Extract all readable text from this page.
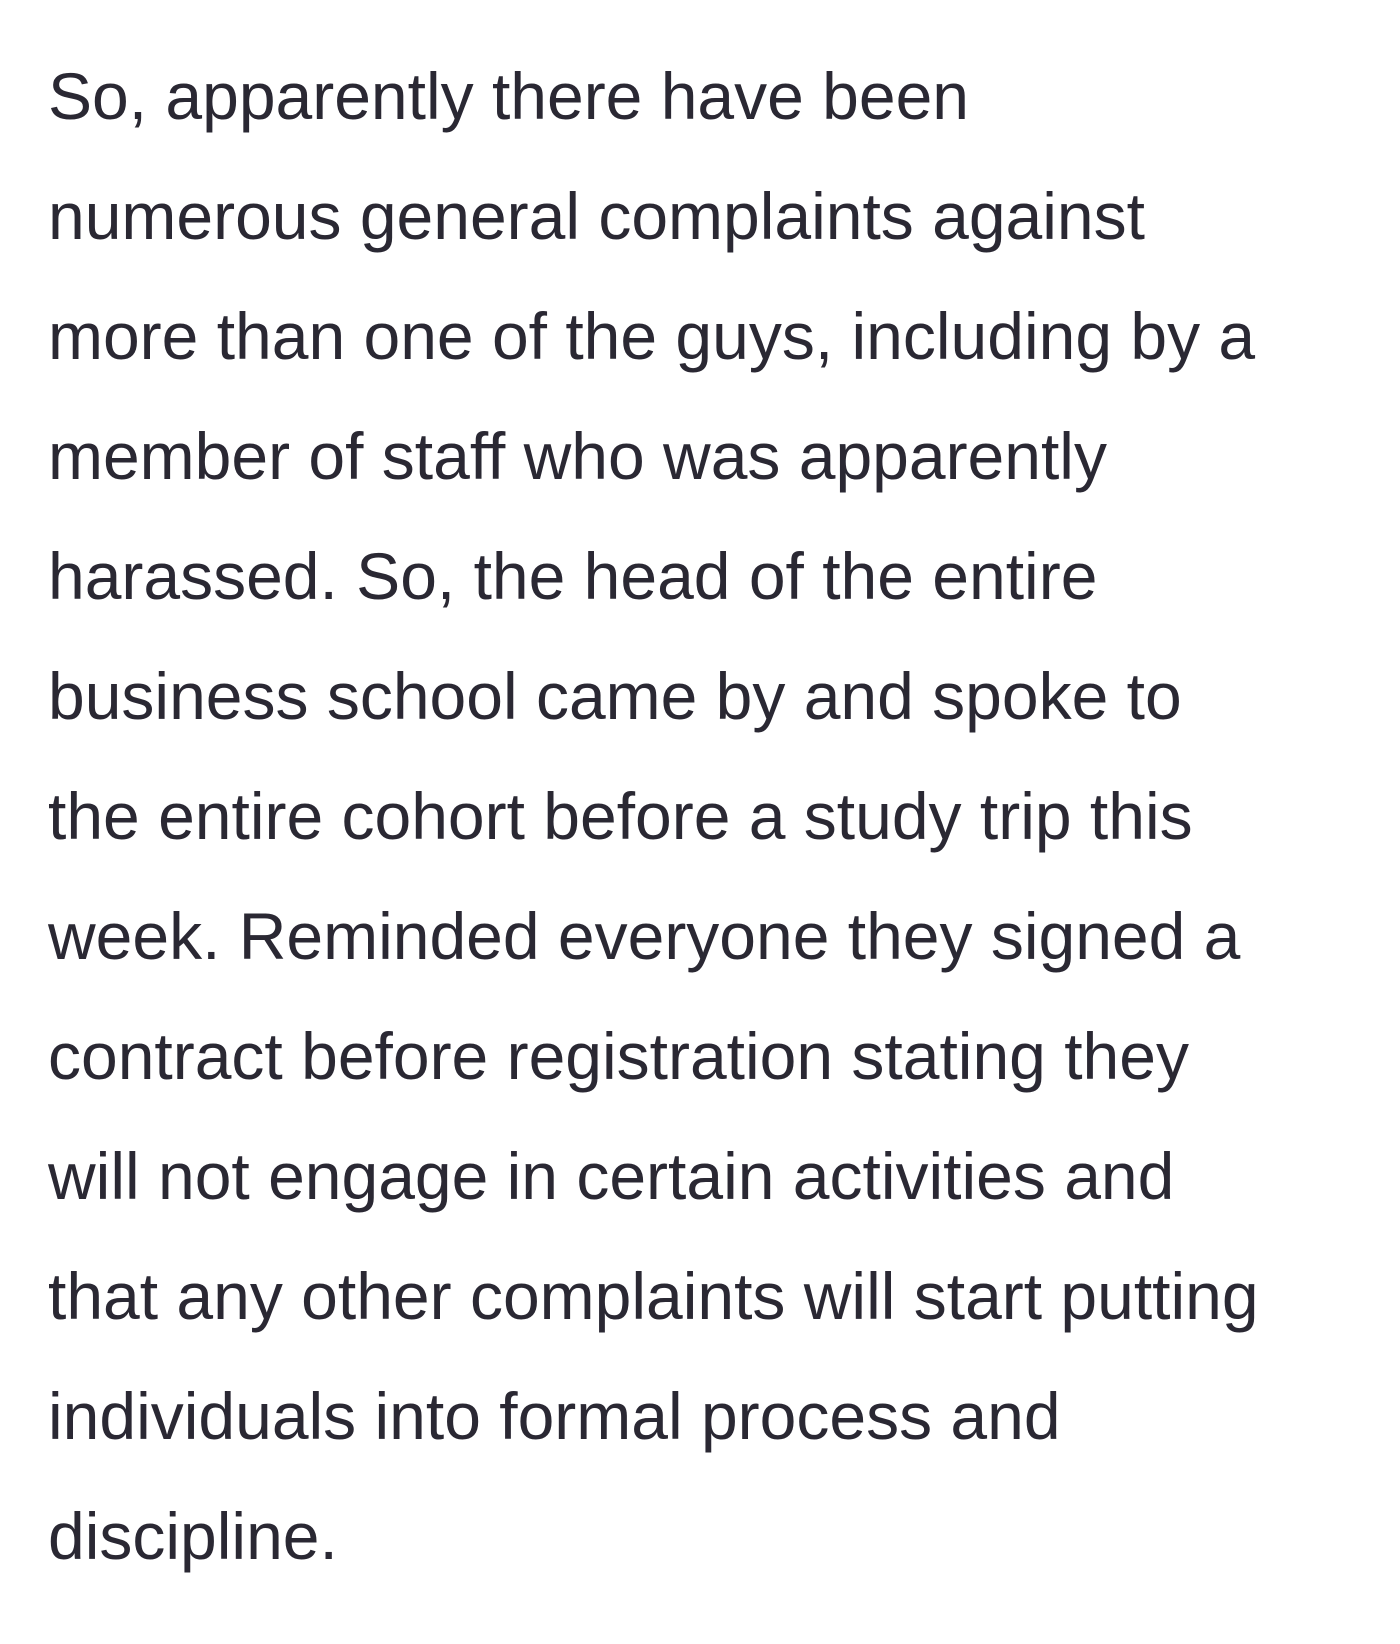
So, apparently there have been
numerous general complaints against
more than one of the guys, including by a
member of staff who was apparently
harassed. So, the head of the entire
business school came by and spoke to
the entire cohort before a study trip this
week. Reminded everyone they signed a
contract before registration stating they
will not engage in certain activities and
that any other complaints will start putting
individuals into formal process and
discipline.
